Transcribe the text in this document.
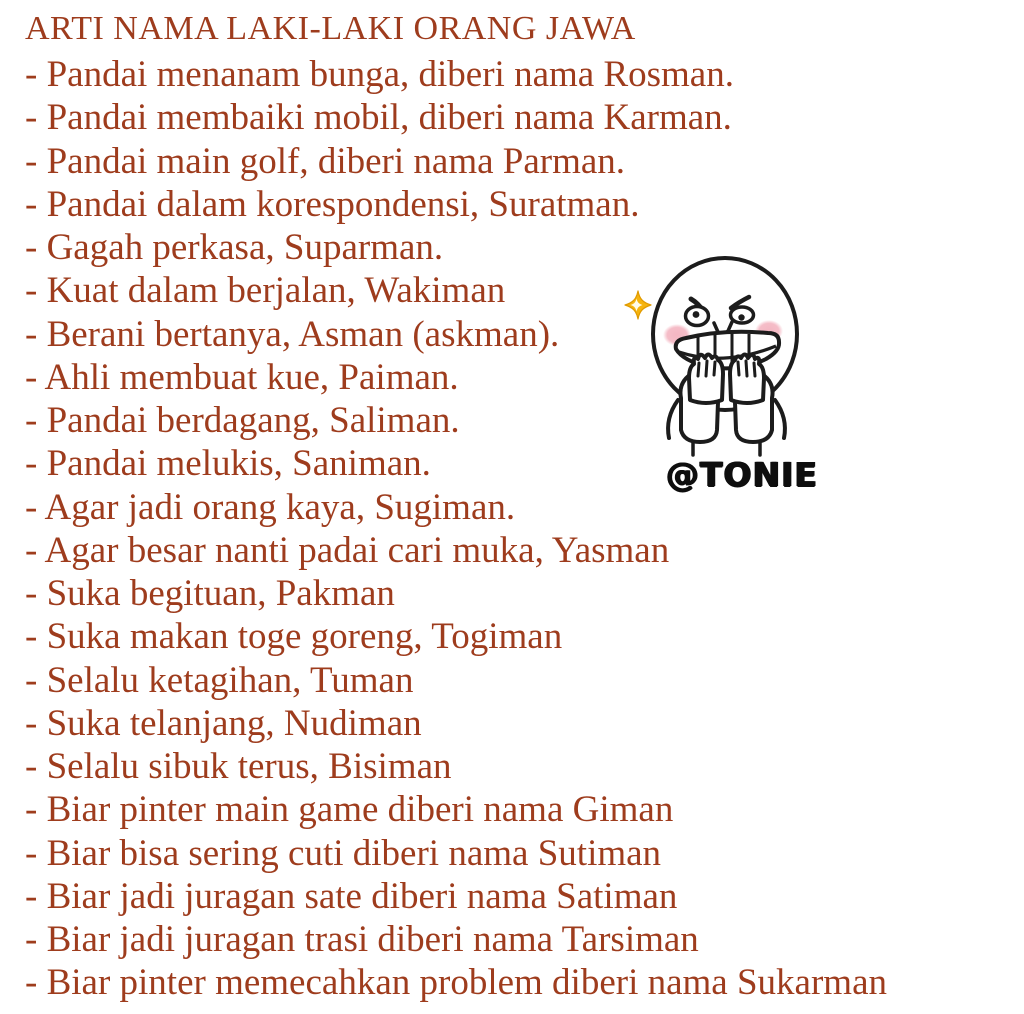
ARTI NAMA LAKI-LAKI ORANG JAWA
- Pandai menanam bunga, diberi nama Rosman.
- Pandai membaiki mobil, diberi nama Karman.
- Pandai main golf, diberi nama Parman.
- Pandai dalam korespondensi, Suratman.
- Gagah perkasa, Suparman.
- Kuat dalam berjalan, Wakiman
- Berani bertanya, Asman (askman).
- Ahli membuat kue, Paiman.
- Pandai berdagang, Saliman.
- Pandai melukis, Saniman.
- Agar jadi orang kaya, Sugiman.
- Agar besar nanti padai cari muka, Yasman
- Suka begituan, Pakman
- Suka makan toge goreng, Togiman
- Selalu ketagihan, Tuman
- Suka telanjang, Nudiman
- Selalu sibuk terus, Bisiman
- Biar pinter main game diberi nama Giman
- Biar bisa sering cuti diberi nama Sutiman
- Biar jadi juragan sate diberi nama Satiman
- Biar jadi juragan trasi diberi nama Tarsiman
- Biar pinter memecahkan problem diberi nama Sukarman
@TONIE
